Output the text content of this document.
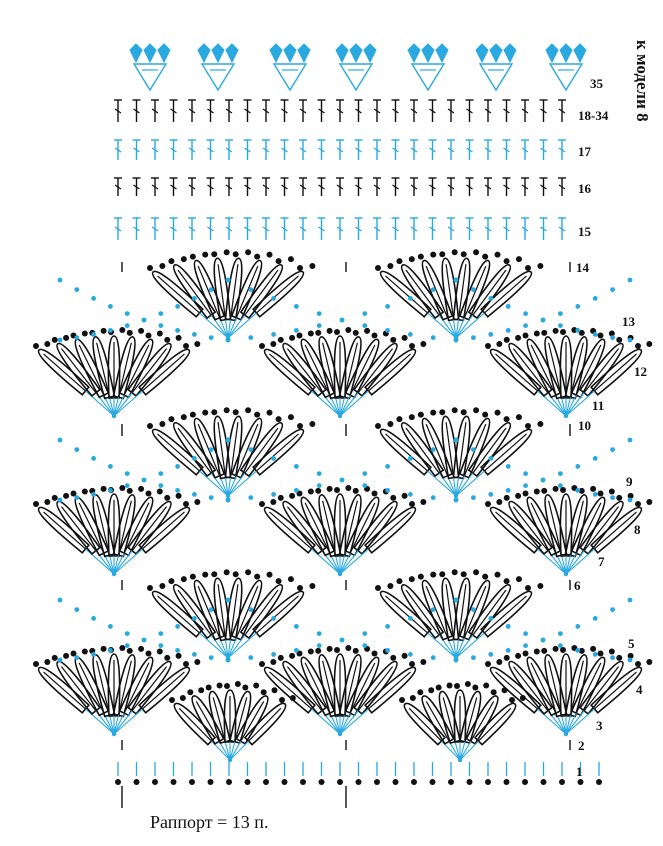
1
2
3
4
5
6
7
8
9
10
11
12
13
14
15
16
17
18-34
35	к модели 8
Раппорт = 13 п.
